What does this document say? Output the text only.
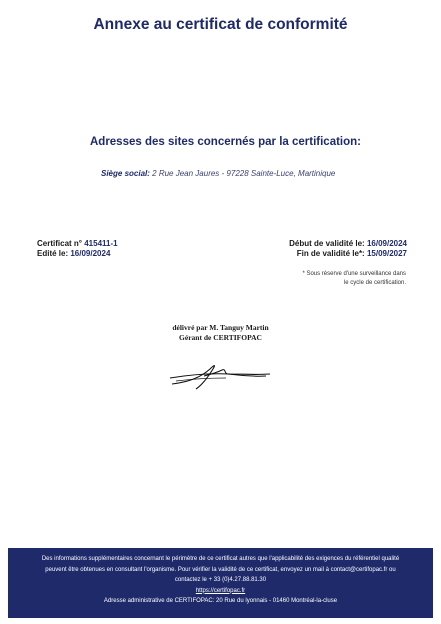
Annexe au certificat de conformité
Adresses des sites concernés par la certification:
Siège social: 2 Rue Jean Jaures - 97228 Sainte-Luce, Martinique
Certificat n° 415411-1
Edité le: 16/09/2024
Début de validité le: 16/09/2024
Fin de validité le*: 15/09/2027
* Sous réserve d'une surveillance dans
le cycle de certification.
délivré par M. Tanguy Martin
Gérant de CERTIFOPAC
Des informations supplémentaires concernant le périmètre de ce certificat autres que l'applicabilité des exigences du référentiel qualité
peuvent être obtenues en consultant l'organisme. Pour vérifier la validité de ce certificat, envoyez un mail à contact@certifopac.fr ou
contactez le + 33 (0)4.27.88.81.30
https://certifopac.fr
Adresse administrative de CERTIFOPAC: 20 Rue du lyonnais - 01460 Montréal-la-cluse
